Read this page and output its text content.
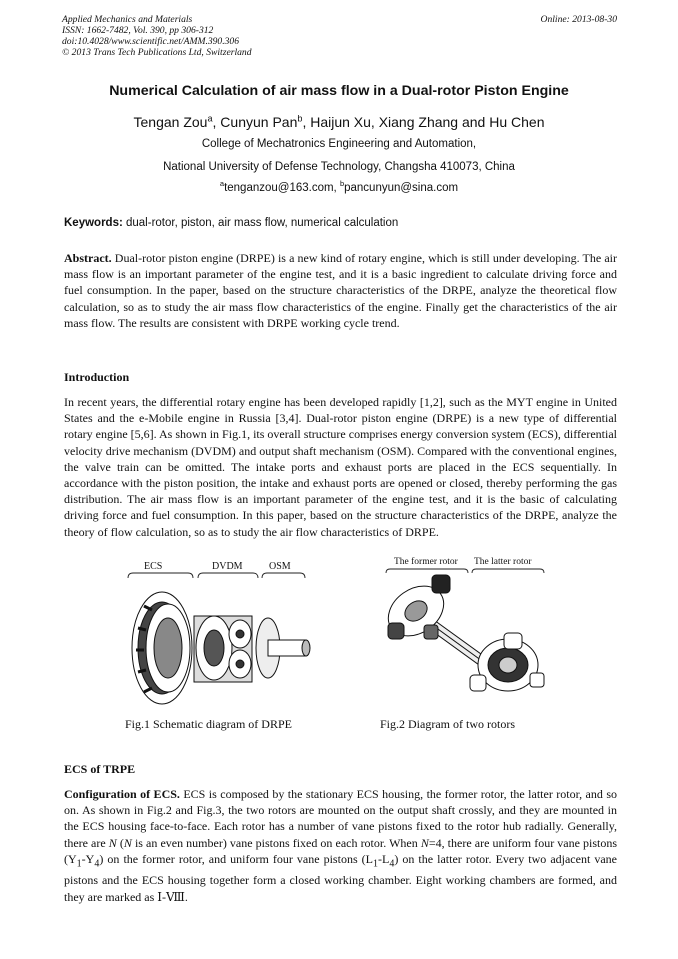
Applied Mechanics and Materials
ISSN: 1662-7482, Vol. 390, pp 306-312
doi:10.4028/www.scientific.net/AMM.390.306
© 2013 Trans Tech Publications Ltd, Switzerland
Online: 2013-08-30
Numerical Calculation of air mass flow in a Dual-rotor Piston Engine
Tengan Zou$^a$, Cunyun Pan$^b$, Haijun Xu, Xiang Zhang and Hu Chen
College of Mechatronics Engineering and Automation,
National University of Defense Technology, Changsha 410073, China
$^a$tenganzou@163.com, $^b$pancunyun@sina.com
Keywords: dual-rotor, piston, air mass flow, numerical calculation

Abstract. Dual-rotor piston engine (DRPE) is a new kind of rotary engine, which is still under developing. The air mass flow is an important parameter of the engine test, and it is a basic ingredient to calculate driving force and fuel consumption. In the paper, based on the structure characteristics of the DRPE, analyze the theoretical flow calculation, so as to study the air mass flow characteristics of the engine. Finally get the characteristics of the air mass flow. The results are consistent with DRPE working cycle trend.

Introduction

In recent years, the differential rotary engine has been developed rapidly [1,2], such as the MYT engine in United States and the e-Mobile engine in Russia [3,4]. Dual-rotor piston engine (DRPE) is a new type of differential rotary engine [5,6]. As shown in Fig.1, its overall structure comprises energy conversion system (ECS), differential velocity drive mechanism (DVDM) and output shaft mechanism (OSM). Compared with the conventional engines, the valve train can be omitted. The intake ports and exhaust ports are placed in the ECS sequentially. In accordance with the piston position, the intake and exhaust ports are opened or closed, thereby performing the gas distribution. The air mass flow is an important parameter of the engine test, and it is the basic of calculating driving force and fuel consumption. In this paper, based on the structure characteristics of the DRPE, analyze the theory of flow calculation, so as to study the air flow characteristics of DRPE.

ECS	DVDM	OSM
Fig.1 Schematic diagram of DRPE
The former rotor The latter rotor
Fig.2 Diagram of two rotors
ECS of TRPE

Configuration of ECS. ECS is composed by the stationary ECS housing, the former rotor, the latter rotor, and so on. As shown in Fig.2 and Fig.3, the two rotors are mounted on the output shaft crossly, and they are mounted in the ECS housing face-to-face. Each rotor has a number of vane pistons fixed to the rotor hub radially. Generally, there are N (N is an even number) vane pistons fixed on each rotor. When N=4, there are uniform four vane pistons $(Y_1-Y_4)$ on the former rotor, and uniform four vane pistons $(L_1-L_4)$ on the latter rotor. Every two adjacent vane pistons and the ECS housing together form a closed working chamber. Eight working chambers are formed, and they are marked as Ⅰ-Ⅷ.
